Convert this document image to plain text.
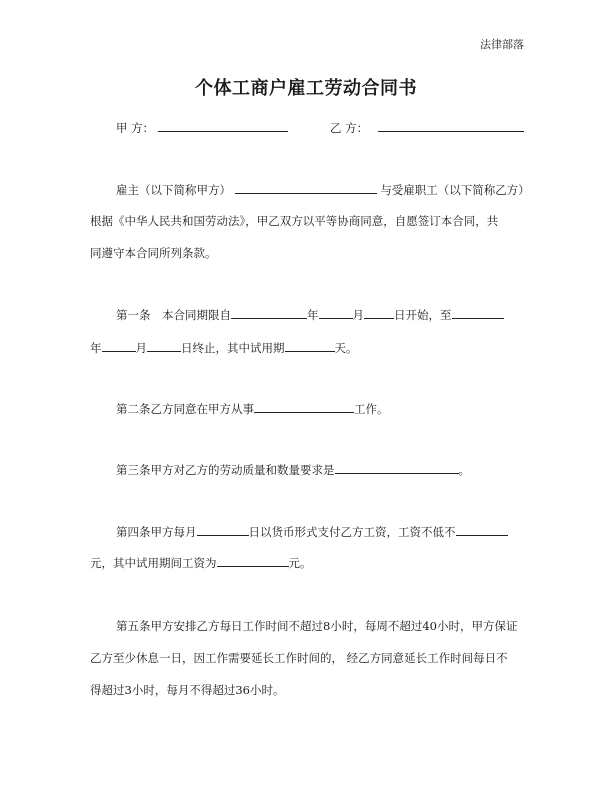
法律部落
个体工商户雇工劳动合同书
甲 方：	乙 方：
雇主（以下简称甲方）	与受雇职工（以下简称乙方）
根据《中华人民共和国劳动法》，甲乙双方以平等协商同意，自愿签订本合同，共
同遵守本合同所列条款。
第一条　本合同期限自	年	月	日开始，至
年	月	日终止，其中试用期	天。
第二条乙方同意在甲方从事	工作。
第三条甲方对乙方的劳动质量和数量要求是	。
第四条甲方每月	日以货币形式支付乙方工资，工资不低不
元，其中试用期间工资为	元。
第五条甲方安排乙方每日工作时间不超过8小时，每周不超过40小时，甲方保证
乙方至少休息一日，因工作需要延长工作时间的， 经乙方同意延长工作时间每日不
得超过3小时，每月不得超过36小时。
